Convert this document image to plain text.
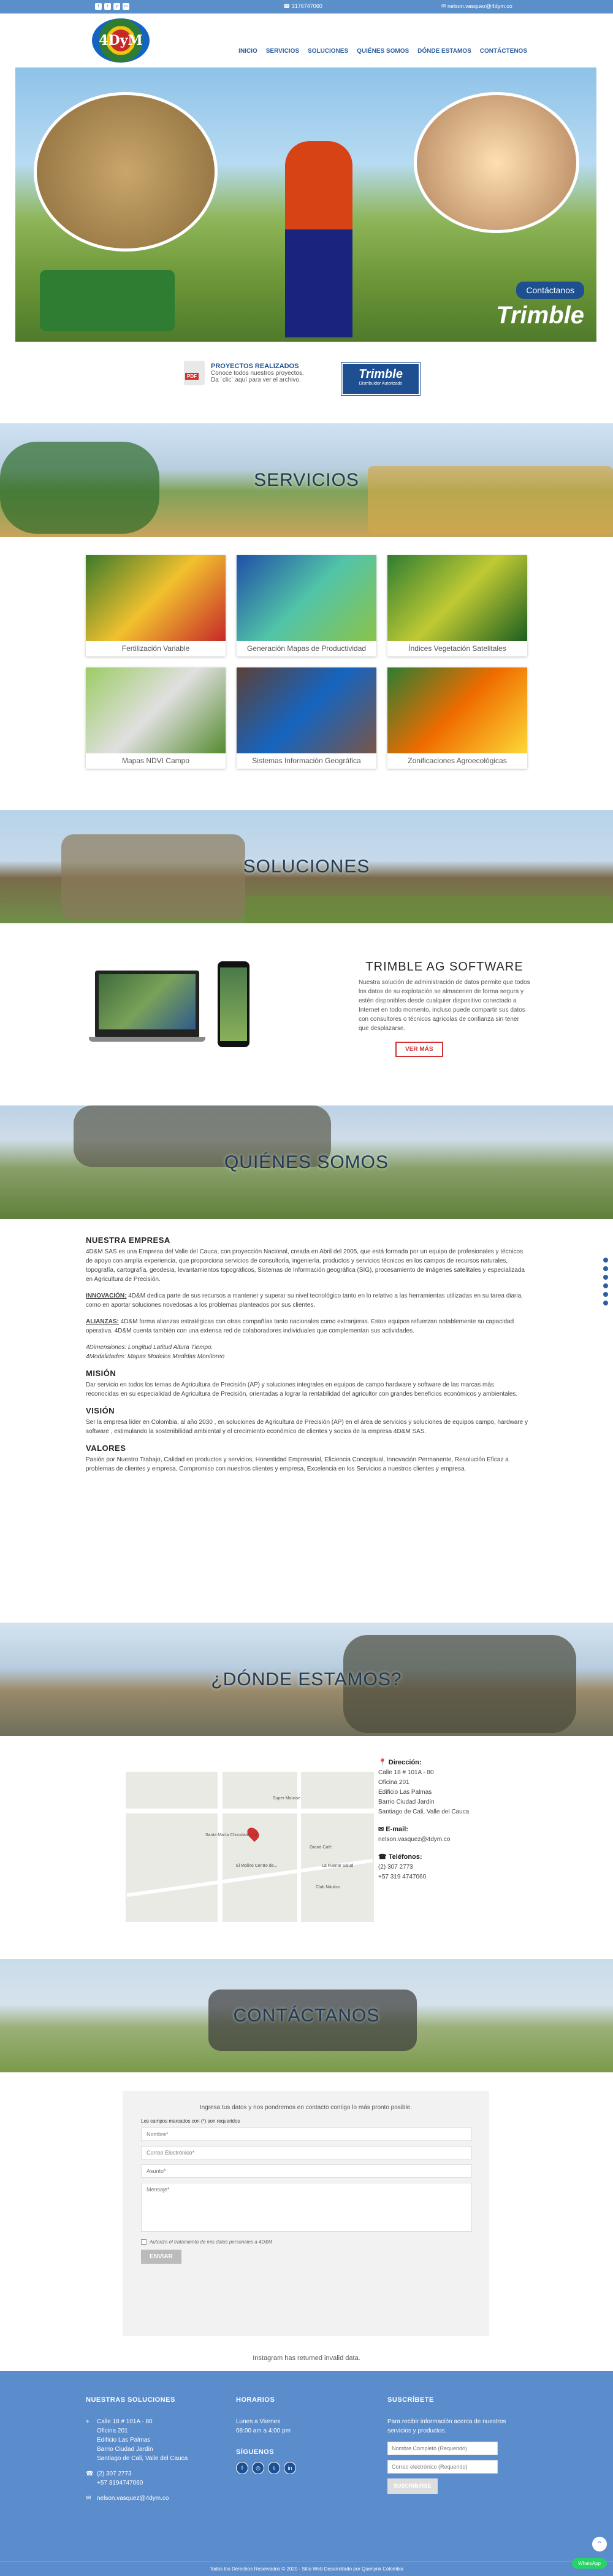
f	t	y	in	☎ 3176747060	✉ nelson.vasquez@4dym.co
4DyM
INICIO SERVICIOS SOLUCIONES QUIÉNES SOMOS DÓNDE ESTAMOS CONTÁCTENOS
Contáctanos
Trimble
PDF
PROYECTOS REALIZADOS
Conoce todos nuestros proyectos.
Da ´clic´ aquí para ver el archivo.	Trimble
Distribuidor Autorizado
SERVICIOS
Fertilización Variable	Generación Mapas de Productividad	Índices Vegetación Satelitales
Mapas NDVI Campo	Sistemas Información Geográfica	Zonificaciones Agroecológicas
SOLUCIONES
TRIMBLE AG SOFTWARE

Nuestra solución de administración de datos permite que todos los datos de su explotación se almacenen de forma segura y estén disponibles desde cualquier dispositivo conectado a Internet en todo momento, incluso puede compartir sus datos con consultores o técnicos agrícolas de confianza sin tener que desplazarse.

VER MÁS
QUIÉNES SOMOS
NUESTRA EMPRESA

4D&M SAS es una Empresa del Valle del Cauca, con proyección Nacional, creada en Abril del 2005, que está formada por un equipo de profesionales y técnicos de apoyo con amplia experiencia, que proporciona servicios de consultoría, ingeniería, productos y servicios técnicos en los campos de recursos naturales, topografía, cartografía, geodesia, levantamientos topográficos, Sistemas de Información geográfica (SIG), procesamiento de imágenes satelitales y especializada en Agricultura de Precisión.

INNOVACIÓN: 4D&M dedica parte de sus recursos a mantener y superar su nivel tecnológico tanto en lo relativo a las herramientas utilizadas en su tarea diaria, como en aportar soluciones novedosas a los problemas planteados por sus clientes.

ALIANZAS: 4D&M forma alianzas estratégicas con otras compañías tanto nacionales como extranjeras. Estos equipos refuerzan notablemente su capacidad operativa. 4D&M cuenta también con una extensa red de colaboradores individuales que complementan sus actividades.

4Dimensiones: Longitud Latitud Altura Tiempo.
4Modalidades: Mapas Modelos Medidas Monitoreo

MISIÓN

Dar servicio en todos los temas de Agricultura de Precisión (AP) y soluciones integrales en equipos de campo hardware y software de las marcas más reconocidas en su especialidad de Agricultura de Precisión, orientadas a lograr la rentabilidad del agricultor con grandes beneficios económicos y ambientales.

VISIÓN

Ser la empresa líder en Colombia, al año 2030 , en soluciones de Agricultura de Precisión (AP) en el área de servicios y soluciones de equipos campo, hardware y software , estimulando la sostenibilidad ambiental y el crecimiento económico de clientes y socios de la empresa 4D&M SAS.

VALORES

Pasión por Nuestro Trabajo, Calidad en productos y servicios, Honestidad Empresarial, Eficiencia Conceptual, Innovación Permanente, Resolución Eficaz a problemas de clientes y empresa, Compromiso con nuestros clientes y empresa, Excelencia en los Servicios a nuestros clientes y empresa.

¿DÓNDE ESTAMOS?
Super Mousse
Santa María Chocolate Cali
Grand Café
La Fuente Salud
El Molino Centro de...
Club Náutico
📍 Dirección:
Calle 18 # 101A - 80
Oficina 201
Edificio Las Palmas
Barrio Ciudad Jardín
Santiago de Cali, Valle del Cauca
✉ E-mail:
nelson.vasquez@4dym.co
☎ Teléfonos:
(2) 307 2773
+57 319 4747060
CONTÁCTANOS
Ingresa tus datos y nos pondremos en contacto contigo lo más pronto posible.
Los campos marcados con (*) son requeridos
Nombre*
Correo Electrónico*
Asunto*
Mensaje*
Autorizo el tratamiento de mis datos personales a 4D&M
ENVIAR
Instagram has returned invalid data.
NUESTRAS SOLUCIONES
⌖	Calle 18 # 101A - 80
Oficina 201
Edificio Las Palmas
Barrio Ciudad Jardín
Santiago de Cali, Valle del Cauca
☎ (2) 307 2773
+57 3194747060
✉ nelson.vasquez@4dym.co
HORARIOS
Lunes a Viernes
08:00 am a 4:00 pm
SÍGUENOS
f	◎	t	in
SUSCRÍBETE

Para recibir información acerca de nuestros servicios y productos.

Nombre Completo (Requerido)
Correo electrónico (Requerido) SUSCRIBIRSE
⌃
Todos los Derechos Reservados © 2020 - Sitio Web Desarrollado por Quenynk Colombia
WhatsApp
